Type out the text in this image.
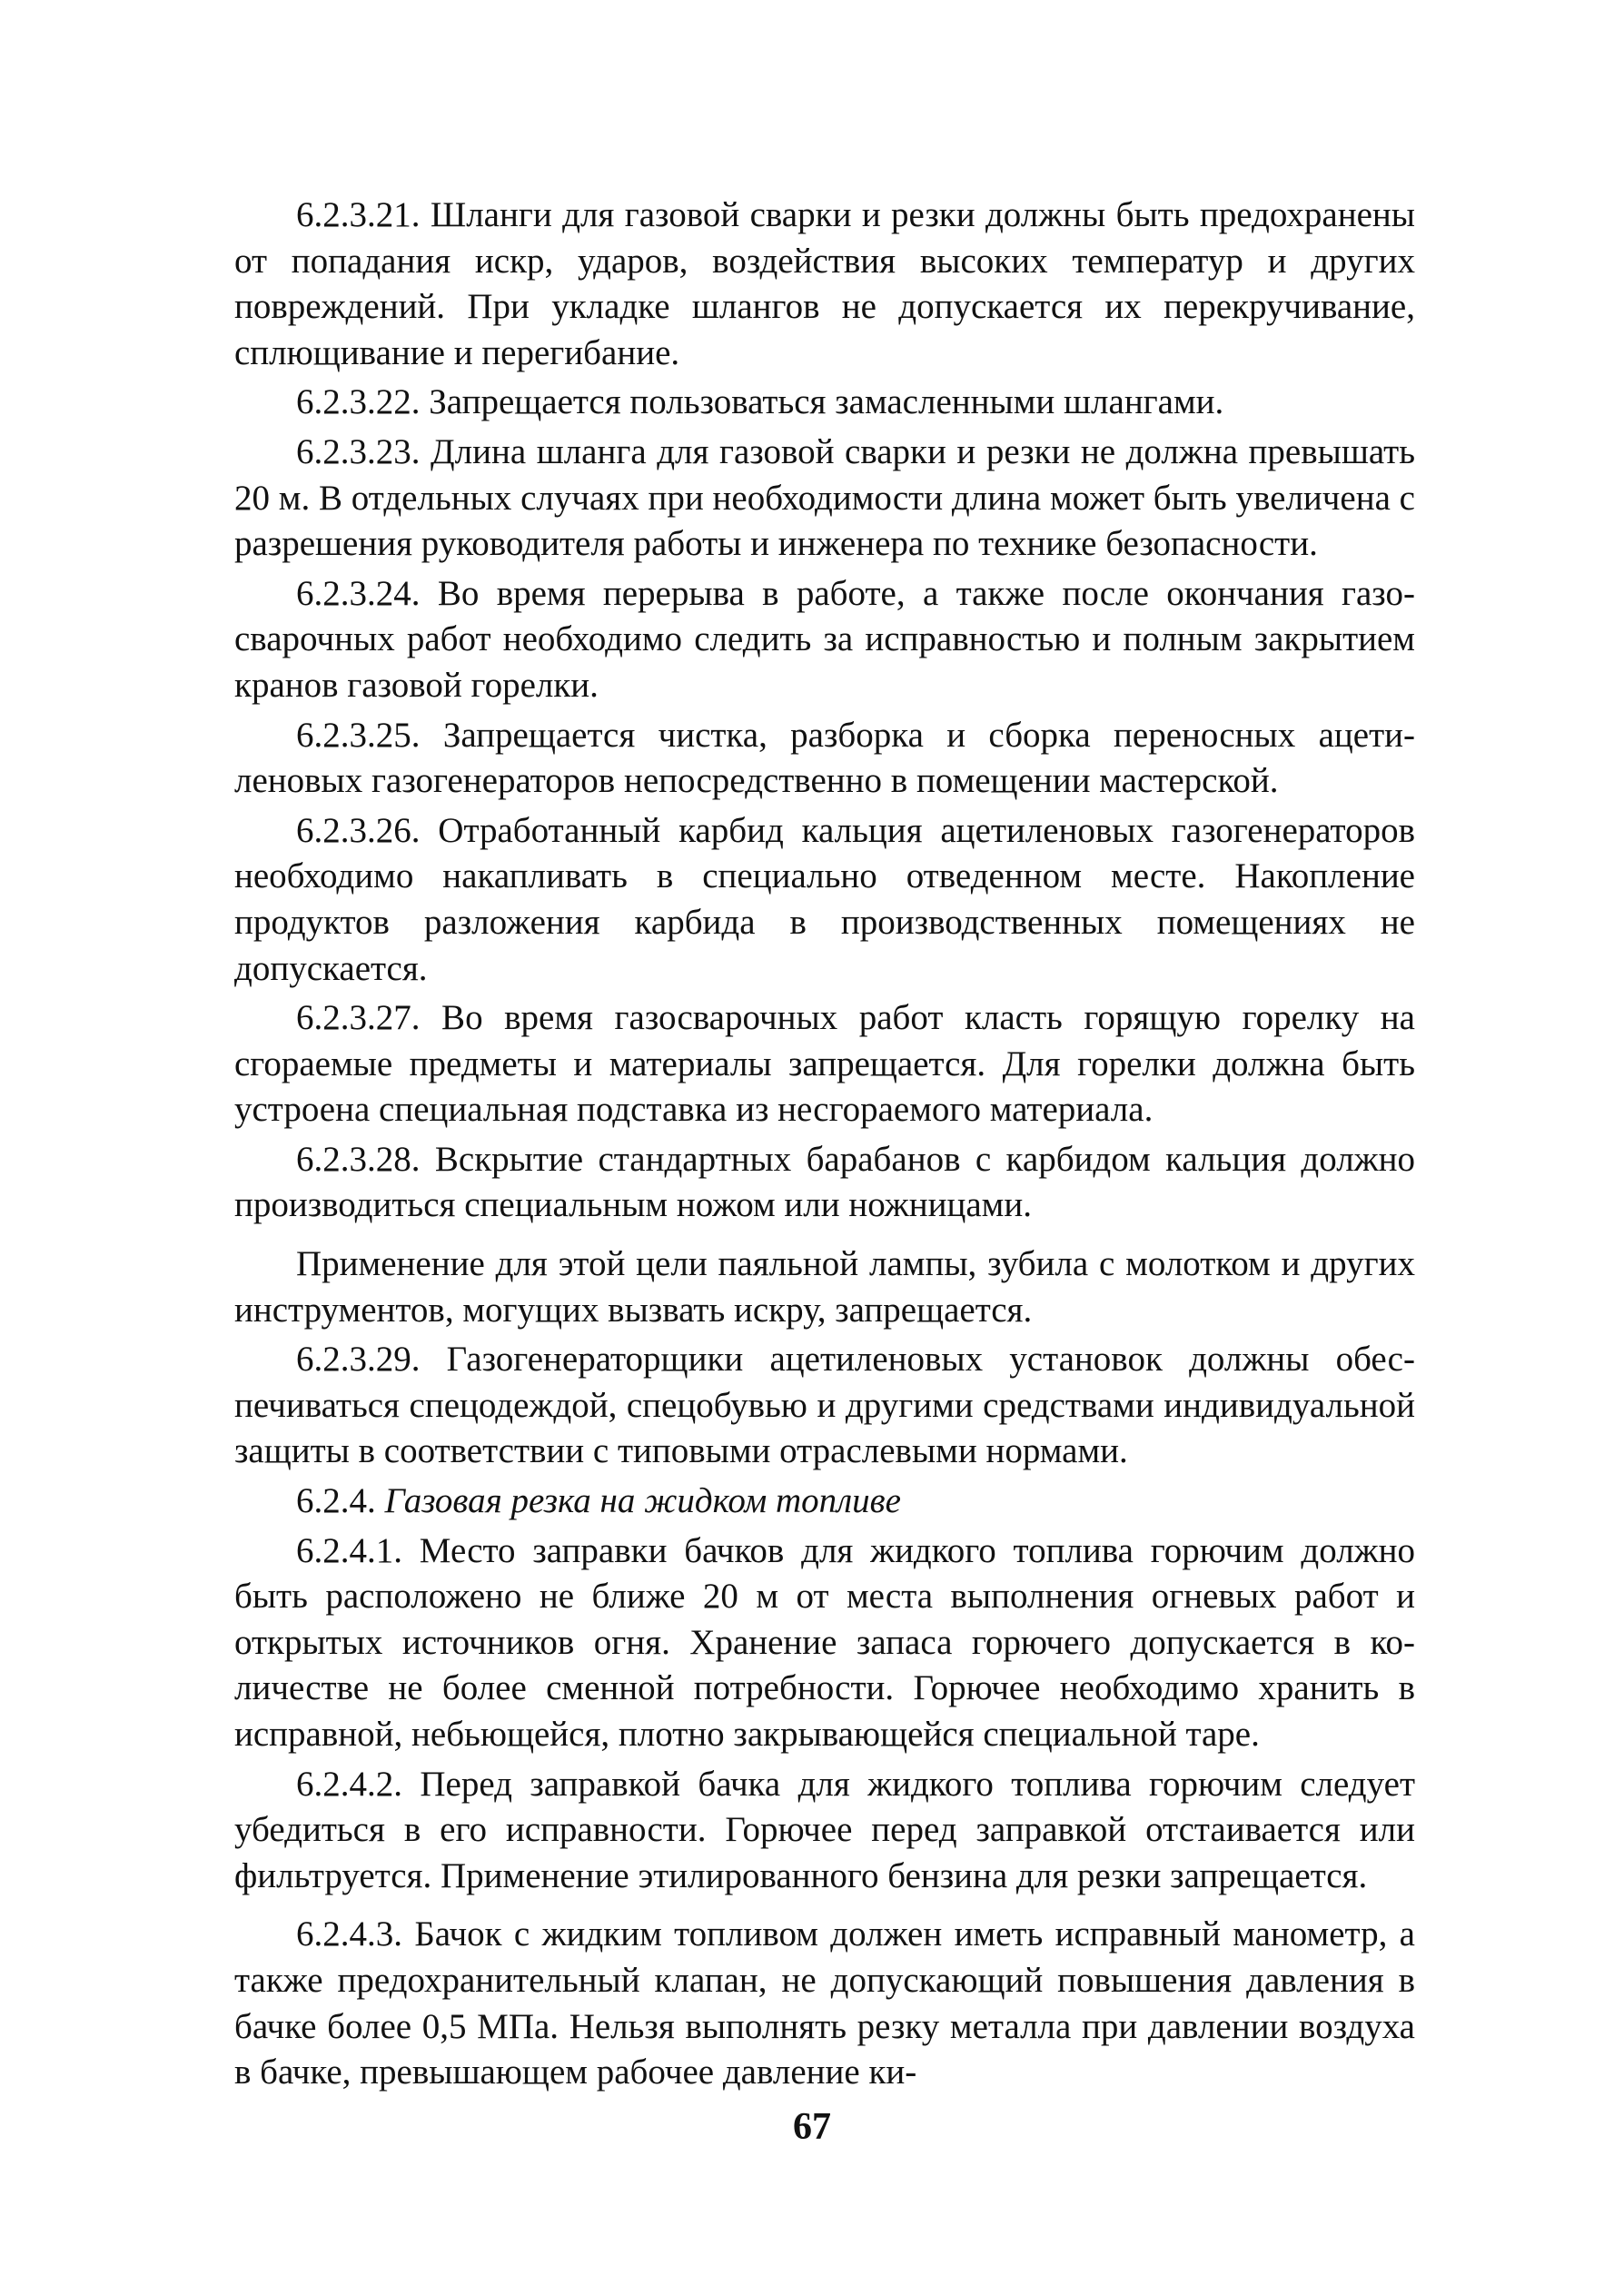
6.2.3.21. Шланги для газовой сварки и резки должны быть предохранены от попадания искр, ударов, воздействия высоких температур и других повреждений. При укладке шлангов не допускается их перекручивание, сплющивание и перегибание.

6.2.3.22. Запрещается пользоваться замасленными шлангами.

6.2.3.23. Длина шланга для газовой сварки и резки не должна превышать 20 м. В отдельных случаях при необходимости длина может быть увеличена с разрешения руководителя работы и инженера по технике безопасности.

6.2.3.24. Во время перерыва в работе, а также после окончания газосварочных работ необходимо следить за исправностью и полным закрытием кранов газовой горелки.

6.2.3.25. Запрещается чистка, разборка и сборка переносных ацетиленовых газогенераторов непосредственно в помещении мастерской.

6.2.3.26. Отработанный карбид кальция ацетиленовых газогенераторов необходимо накапливать в специально отведенном месте. Накопление продуктов разложения карбида в производственных помещениях не допускается.

6.2.3.27. Во время газосварочных работ класть горящую горелку на сгораемые предметы и материалы запрещается. Для горелки должна быть устроена специальная подставка из несгораемого материала.

6.2.3.28. Вскрытие стандартных барабанов с карбидом кальция должно производиться специальным ножом или ножницами.

Применение для этой цели паяльной лампы, зубила с молотком и других инструментов, могущих вызвать искру, запрещается.

6.2.3.29. Газогенераторщики ацетиленовых установок должны обеспечиваться спецодеждой, спецобувью и другими средствами индивидуальной защиты в соответствии с типовыми отраслевыми нормами.

6.2.4. Газовая резка на жидком топливе

6.2.4.1. Место заправки бачков для жидкого топлива горючим должно быть расположено не ближе 20 м от места выполнения огневых работ и открытых источников огня. Хранение запаса горючего допускается в количестве не более сменной потребности. Горючее необходимо хранить в исправной, небьющейся, плотно закрывающейся специальной таре.

6.2.4.2. Перед заправкой бачка для жидкого топлива горючим следует убедиться в его исправности. Горючее перед заправкой отстаивается или фильтруется. Применение этилированного бензина для резки запрещается.

6.2.4.3. Бачок с жидким топливом должен иметь исправный манометр, а также предохранительный клапан, не допускающий повышения давления в бачке более 0,5 МПа. Нельзя выполнять резку металла при давлении воздуха в бачке, превышающем рабочее давление ки-

67
